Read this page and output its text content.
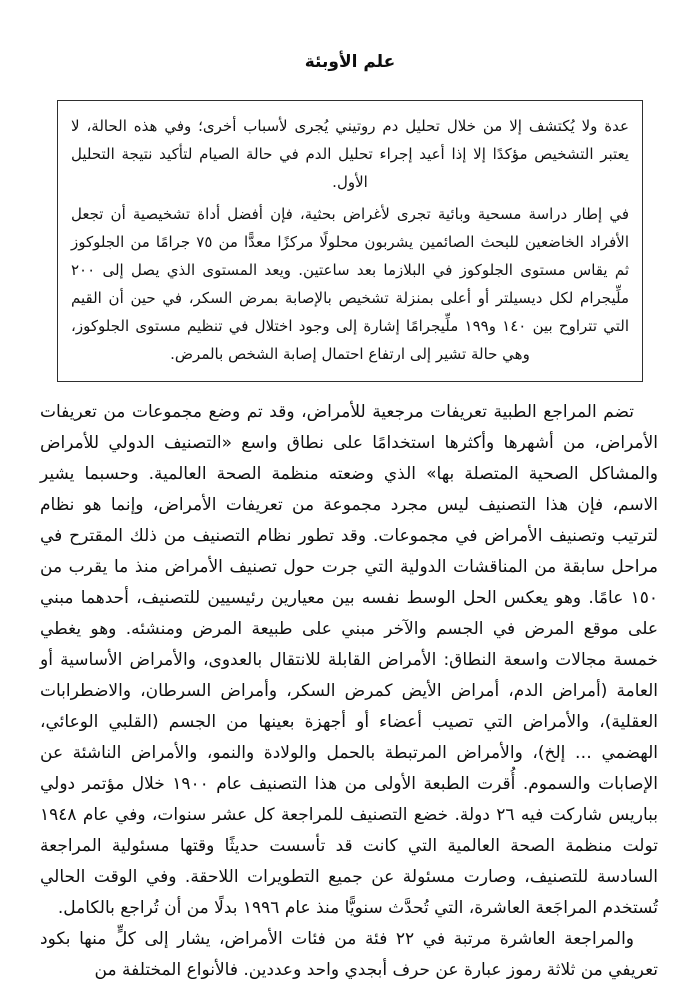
علم الأوبئة

عدة ولا يُكتشف إلا من خلال تحليل دم روتيني يُجرى لأسباب أخرى؛ وفي هذه الحالة، لا يعتبر التشخيص مؤكدًا إلا إذا أعيد إجراء تحليل الدم في حالة الصيام لتأكيد نتيجة التحليل الأول.

في إطار دراسة مسحية وبائية تجرى لأغراض بحثية، فإن أفضل أداة تشخيصية أن تجعل الأفراد الخاضعين للبحث الصائمين يشربون محلولًا مركزًا معدًّا من ٧٥ جرامًا من الجلوكوز ثم يقاس مستوى الجلوكوز في البلازما بعد ساعتين. ويعد المستوى الذي يصل إلى ٢٠٠ ملِّيجرام لكل ديسيلتر أو أعلى بمنزلة تشخيص بالإصابة بمرض السكر، في حين أن القيم التي تتراوح بين ١٤٠ و١٩٩ ملِّيجرامًا إشارة إلى وجود اختلال في تنظيم مستوى الجلوكوز، وهي حالة تشير إلى ارتفاع احتمال إصابة الشخص بالمرض.

تضم المراجع الطبية تعريفات مرجعية للأمراض، وقد تم وضع مجموعات من تعريفات الأمراض، من أشهرها وأكثرها استخدامًا على نطاق واسع «التصنيف الدولي للأمراض والمشاكل الصحية المتصلة بها» الذي وضعته منظمة الصحة العالمية. وحسبما يشير الاسم، فإن هذا التصنيف ليس مجرد مجموعة من تعريفات الأمراض، وإنما هو نظام لترتيب وتصنيف الأمراض في مجموعات. وقد تطور نظام التصنيف من ذلك المقترح في مراحل سابقة من المناقشات الدولية التي جرت حول تصنيف الأمراض منذ ما يقرب من ١٥٠ عامًا. وهو يعكس الحل الوسط نفسه بين معيارين رئيسيين للتصنيف، أحدهما مبني على موقع المرض في الجسم والآخر مبني على طبيعة المرض ومنشئه. وهو يغطي خمسة مجالات واسعة النطاق: الأمراض القابلة للانتقال بالعدوى، والأمراض الأساسية أو العامة (أمراض الدم، أمراض الأيض كمرض السكر، وأمراض السرطان، والاضطرابات العقلية)، والأمراض التي تصيب أعضاء أو أجهزة بعينها من الجسم (القلبي الوعائي، الهضمي … إلخ)، والأمراض المرتبطة بالحمل والولادة والنمو، والأمراض الناشئة عن الإصابات والسموم. أُقرت الطبعة الأولى من هذا التصنيف عام ١٩٠٠ خلال مؤتمر دولي بباريس شاركت فيه ٢٦ دولة. خضع التصنيف للمراجعة كل عشر سنوات، وفي عام ١٩٤٨ تولت منظمة الصحة العالمية التي كانت قد تأسست حديثًا وقتها مسئولية المراجعة السادسة للتصنيف، وصارت مسئولة عن جميع التطويرات اللاحقة. وفي الوقت الحالي تُستخدم المراجَعة العاشرة، التي تُحدَّث سنويًّا منذ عام ١٩٩٦ بدلًا من أن تُراجع بالكامل.

والمراجعة العاشرة مرتبة في ٢٢ فئة من فئات الأمراض، يشار إلى كلٍّ منها بكود تعريفي من ثلاثة رموز عبارة عن حرف أبجدي واحد وعددين. فالأنواع المختلفة من
